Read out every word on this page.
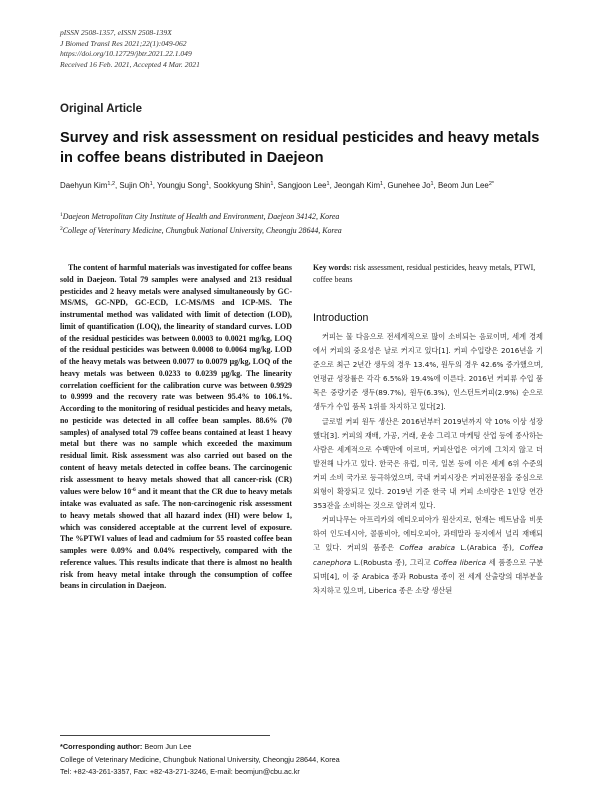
pISSN 2508-1357, eISSN 2508-139X
J Biomed Transl Res 2021;22(1):049-062
https://doi.org/10.12729/jbtr.2021.22.1.049
Received 16 Feb. 2021, Accepted 4 Mar. 2021
Original Article
Survey and risk assessment on residual pesticides and heavy metals in coffee beans distributed in Daejeon
Daehyun Kim$^{1,2}$, Sujin Oh$^1$, Youngju Song$^1$, Sookkyung Shin$^1$, Sangjoon Lee$^1$, Jeongah Kim$^1$, Gunehee Jo$^1$, Beom Jun Lee$^{2*}$
$^1$Daejeon Metropolitan City Institute of Health and Environment, Daejeon 34142, Korea
$^2$College of Veterinary Medicine, Chungbuk National University, Cheongju 28644, Korea

The content of harmful materials was investigated for coffee beans sold in Daejeon. Total 79 samples were analysed and 213 residual pesticides and 2 heavy metals were analysed simultaneously by GC-MS/MS, GC-NPD, GC-ECD, LC-MS/MS and ICP-MS. The instrumental method was validated with limit of detection (LOD), limit of quantification (LOQ), the linearity of standard curves. LOD of the residual pesticides was between 0.0003 to 0.0021 mg/kg, LOQ of the residual pesticides was between 0.0008 to 0.0064 mg/kg. LOD of the heavy metals was between 0.0077 to 0.0079 μg/kg, LOQ of the heavy metals was between 0.0233 to 0.0239 μg/kg. The linearity correlation coefficient for the calibration curve was between 0.9929 to 0.9999 and the recovery rate was between 95.4% to 106.1%. According to the monitoring of residual pesticides and heavy metals, no pesticide was detected in all coffee bean samples. 88.6% (70 samples) of analysed total 79 coffee beans contained at least 1 heavy metal but there was no sample which exceeded the maximum residual limit. Risk assessment was also carried out based on the content of heavy metals detected in coffee beans. The carcinogenic risk assessment to heavy metals showed that all cancer-risk (CR) values were below $10^{-6}$ and it meant that the CR due to heavy metals intake was evaluated as safe. The non-carcinogenic risk assessment to heavy metals showed that all hazard index (HI) were below 1, which was considered acceptable at the current level of exposure. The %PTWI values of lead and cadmium for 55 roasted coffee bean samples were 0.09% and 0.04% respectively, compared with the reference values. This results indicate that there is almost no health risk from heavy metal intake through the consumption of coffee beans in circulation in Daejeon.

Key words: risk assessment, residual pesticides, heavy metals, PTWI, coffee beans
Introduction

커피는 물 다음으로 전세계적으로 많이 소비되는 음료이며, 세계 경제에서 커피의 중요성은 날로 커지고 있다[1]. 커피 수입량은 2016년을 기준으로 최근 2년간 생두의 경우 13.4%, 원두의 경우 42.6% 증가했으며, 연평균 성장률은 각각 6.5%와 19.4%에 이른다. 2016년 커피류 수입 품목은 중량기준 생두(89.7%), 원두(6.3%), 인스턴트커피(2.9%) 순으로 생두가 수입 품목 1위를 차지하고 있다[2].

글로벌 커피 원두 생산은 2016년부터 2019년까지 약 10% 이상 성장했다[3]. 커피의 재배, 가공, 거래, 운송 그리고 마케팅 산업 등에 종사하는 사람은 세계적으로 수백만에 이르며, 커피산업은 여기에 그치지 않고 더 발전해 나가고 있다. 한국은 유럽, 미국, 일본 등에 이은 세계 6위 수준의 커피 소비 국가로 등극하였으며, 국내 커피시장은 커피전문점을 중심으로 외형이 확장되고 있다. 2019년 기준 한국 내 커피 소비량은 1인당 연간 353잔을 소비하는 것으로 알려져 있다.

커피나무는 아프리카의 에티오피아가 원산지로, 현재는 베트남을 비롯하여 인도네시아, 콜롬비아, 에티오피아, 과테말라 등지에서 널리 재배되고 있다. 커피의 품종은 Coffea arabica L.(Arabica 종), Coffea canephora L.(Robusta 종), 그리고 Coffea liberica 세 품종으로 구분되며[4], 이 중 Arabica 종과 Robusta 종이 전 세계 산출량의 대부분을 차지하고 있으며, Liberica 종은 소량 생산된

*Corresponding author: Beom Jun Lee
College of Veterinary Medicine, Chungbuk National University, Cheongju 28644, Korea
Tel: +82-43-261-3357, Fax: +82-43-271-3246, E-mail: beomjun@cbu.ac.kr
